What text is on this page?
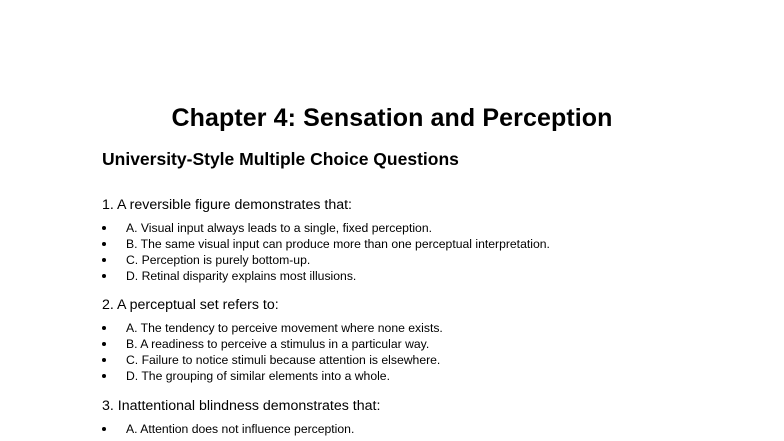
Chapter 4: Sensation and Perception
University-Style Multiple Choice Questions

1. A reversible figure demonstrates that:

A. Visual input always leads to a single, fixed perception.
B. The same visual input can produce more than one perceptual interpretation.
C. Perception is purely bottom-up.
D. Retinal disparity explains most illusions.

2. A perceptual set refers to:

A. The tendency to perceive movement where none exists.
B. A readiness to perceive a stimulus in a particular way.
C. Failure to notice stimuli because attention is elsewhere.
D. The grouping of similar elements into a whole.

3. Inattentional blindness demonstrates that:

A. Attention does not influence perception.
